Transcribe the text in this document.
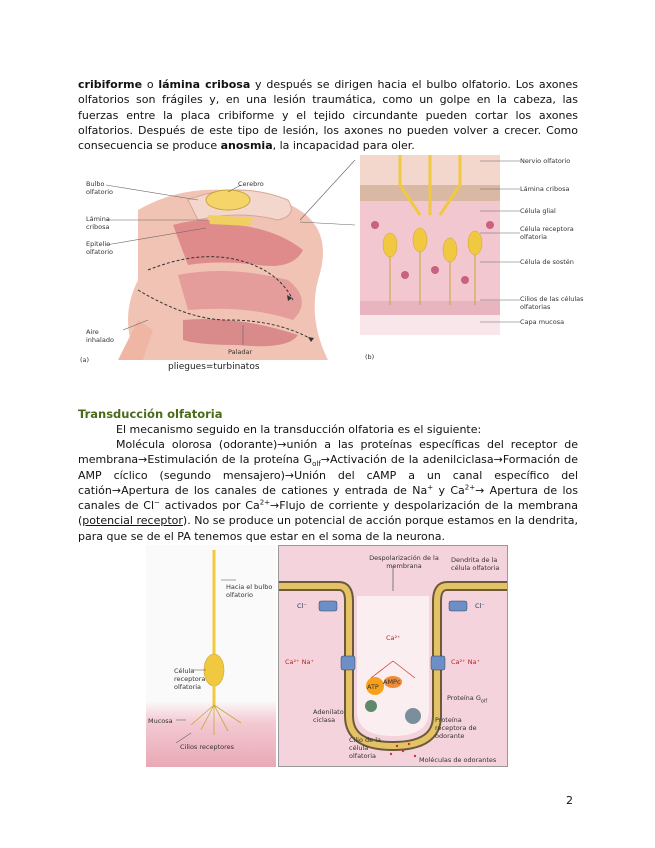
cribiforme o lámina cribosa y después se dirigen hacia el bulbo olfatorio. Los axones olfatorios son frágiles y, en una lesión traumática, como un golpe en la cabeza, las fuerzas entre la placa cribiforme y el tejido circundante pueden cortar los axones olfatorios. Después de este tipo de lesión, los axones no pueden volver a crecer. Como consecuencia se produce anosmia, la incapacidad para oler.
Bulbo olfatorio
Cerebro
Lámina cribosa
Epitelio olfatorio
Aire inhalado
Paladar
(a)
pliegues=turbinatos
Nervio olfatorio
Lámina cribosa
Célula glial
Célula receptora olfatoria
Célula de sostén
Cilios de las células olfatorias
Capa mucosa
(b)
Transducción olfatoria
El mecanismo seguido en la transducción olfatoria es el siguiente:
Molécula olorosa (odorante)→unión a las proteínas específicas del receptor de membrana→Estimulación de la proteína $G_{olf}\to Activación$ de la adenilciclasa→Formación de AMP cíclico (segundo mensajero)→Unión del cAMP a un canal específico del catión→Apertura de los canales de cationes y entrada de Na+ y $Ca^{2+}\to$ Apertura de los canales de Cl− activados por $Ca^{2+}\to Flujo$ de corriente y despolarización de la membrana (potencial receptor). No se produce un potencial de acción porque estamos en la dendrita, para que se de el PA tenemos que estar en el soma de la neurona.
Hacia el bulbo olfatorio
Célula receptora olfatoria
Mucosa
Cilios receptores
Despolarización de la membrana
Dendrita de la célula olfatoria
Cl⁻	Cl⁻
Ca²⁺
Ca²⁺ Na⁺	Ca²⁺ Na⁺
AMPc
ATP
Proteína $G_{olf}$
Adenilato ciclasa	Proteína receptora de odorante
Cilio de la célula olfatoria	Moléculas de odorantes
2
